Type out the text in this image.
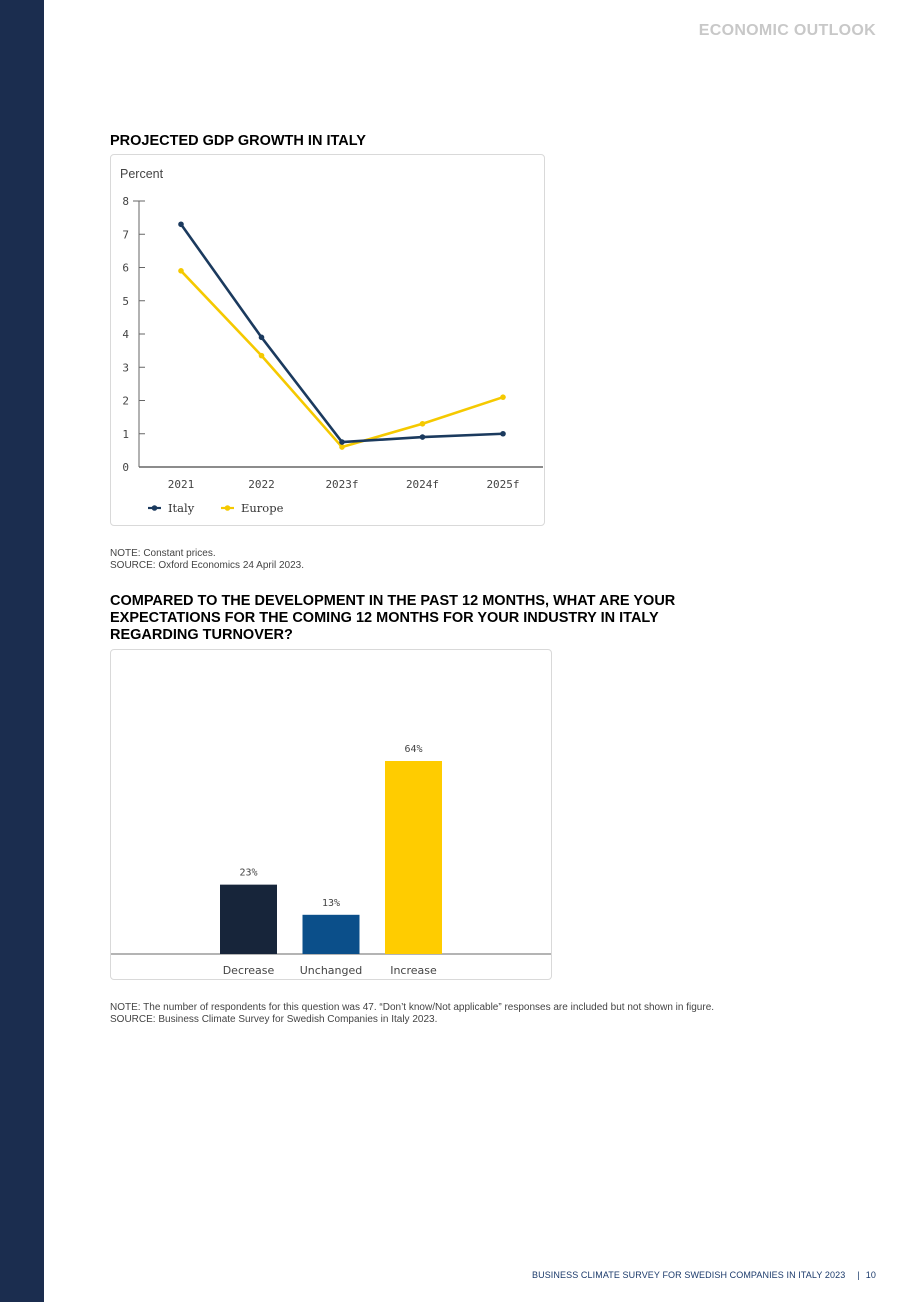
ECONOMIC OUTLOOK
PROJECTED GDP GROWTH IN ITALY
Percent
0
1
2
3
4
5
6
7
8
2021	2022	2023f	2024f	2025f
Italy	Europe
NOTE: Constant prices.
SOURCE: Oxford Economics 24 April 2023.
COMPARED TO THE DEVELOPMENT IN THE PAST 12 MONTHS, WHAT ARE YOUR
EXPECTATIONS FOR THE COMING 12 MONTHS FOR YOUR INDUSTRY IN ITALY
REGARDING TURNOVER?
23%
Decrease
13%
Unchanged
64%
Increase
NOTE: The number of respondents for this question was 47. “Don’t know/Not applicable” responses are included but not shown in figure.
SOURCE: Business Climate Survey for Swedish Companies in Italy 2023.
BUSINESS CLIMATE SURVEY FOR SWEDISH COMPANIES IN ITALY 2023 | 10
